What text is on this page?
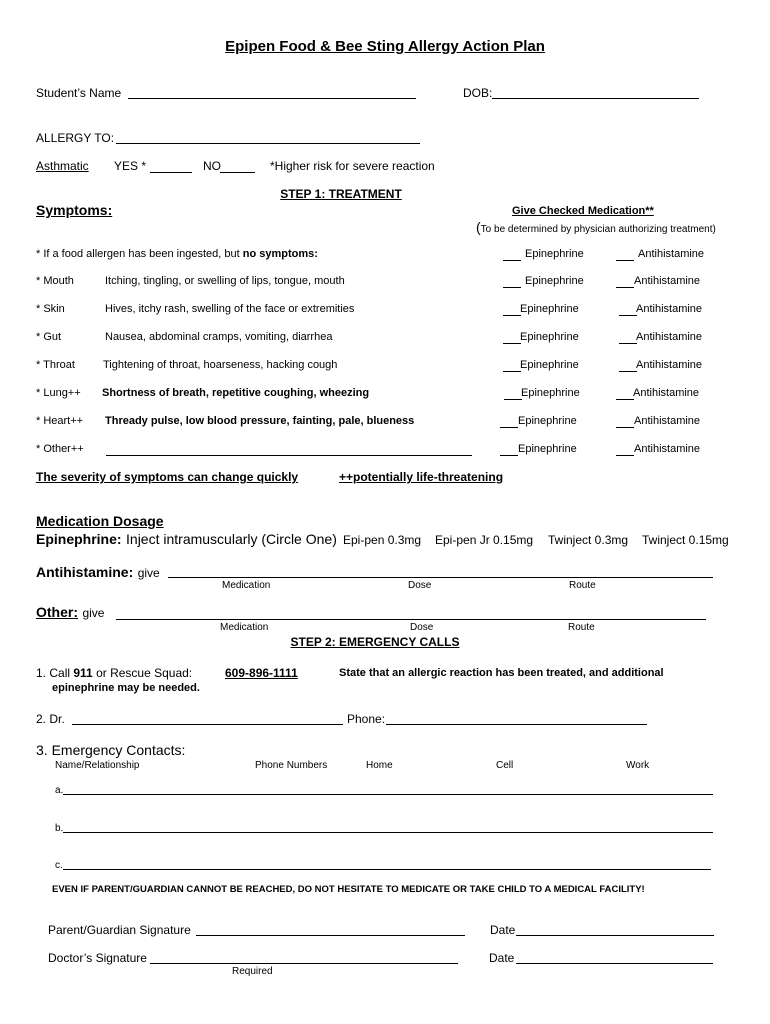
Epipen Food & Bee Sting Allergy Action Plan
Student’s Name	DOB:
ALLERGY TO:
Asthmatic YES *	NO	*Higher risk for severe reaction
STEP 1: TREATMENT
Symptoms:	Give Checked Medication**
(To be determined by physician authorizing treatment)
* If a food allergen has been ingested, but no symptoms:	Epinephrine	Antihistamine
* Mouth	Itching, tingling, or swelling of lips, tongue, mouth	Epinephrine	Antihistamine
* Skin	Hives, itchy rash, swelling of the face or extremities	Epinephrine	Antihistamine
* Gut	Nausea, abdominal cramps, vomiting, diarrhea	Epinephrine	Antihistamine
* Throat	Tightening of throat, hoarseness, hacking cough	Epinephrine	Antihistamine
* Lung++ Shortness of breath, repetitive coughing, wheezing	Epinephrine	Antihistamine
* Heart++ Thready pulse, low blood pressure, fainting, pale, blueness	Epinephrine	Antihistamine
* Other++	Epinephrine	Antihistamine
The severity of symptoms can change quickly	++potentially life-threatening
Medication Dosage
Epinephrine: Inject intramuscularly (Circle One) Epi-pen 0.3mg Epi-pen Jr 0.15mg Twinject 0.3mg Twinject 0.15mg
Antihistamine: give
Medication	Dose	Route
Other: give
Medication	Dose	Route
STEP 2: EMERGENCY CALLS
1. Call 911 or Rescue Squad:	609-896-1111	State that an allergic reaction has been treated, and additional
epinephrine may be needed.
2. Dr.	Phone:
3. Emergency Contacts:
Name/Relationship	Phone Numbers	Home	Cell	Work
a.
b.
c.
EVEN IF PARENT/GUARDIAN CANNOT BE REACHED, DO NOT HESITATE TO MEDICATE OR TAKE CHILD TO A MEDICAL FACILITY!
Parent/Guardian Signature	Date
Doctor’s Signature	Date
Required
